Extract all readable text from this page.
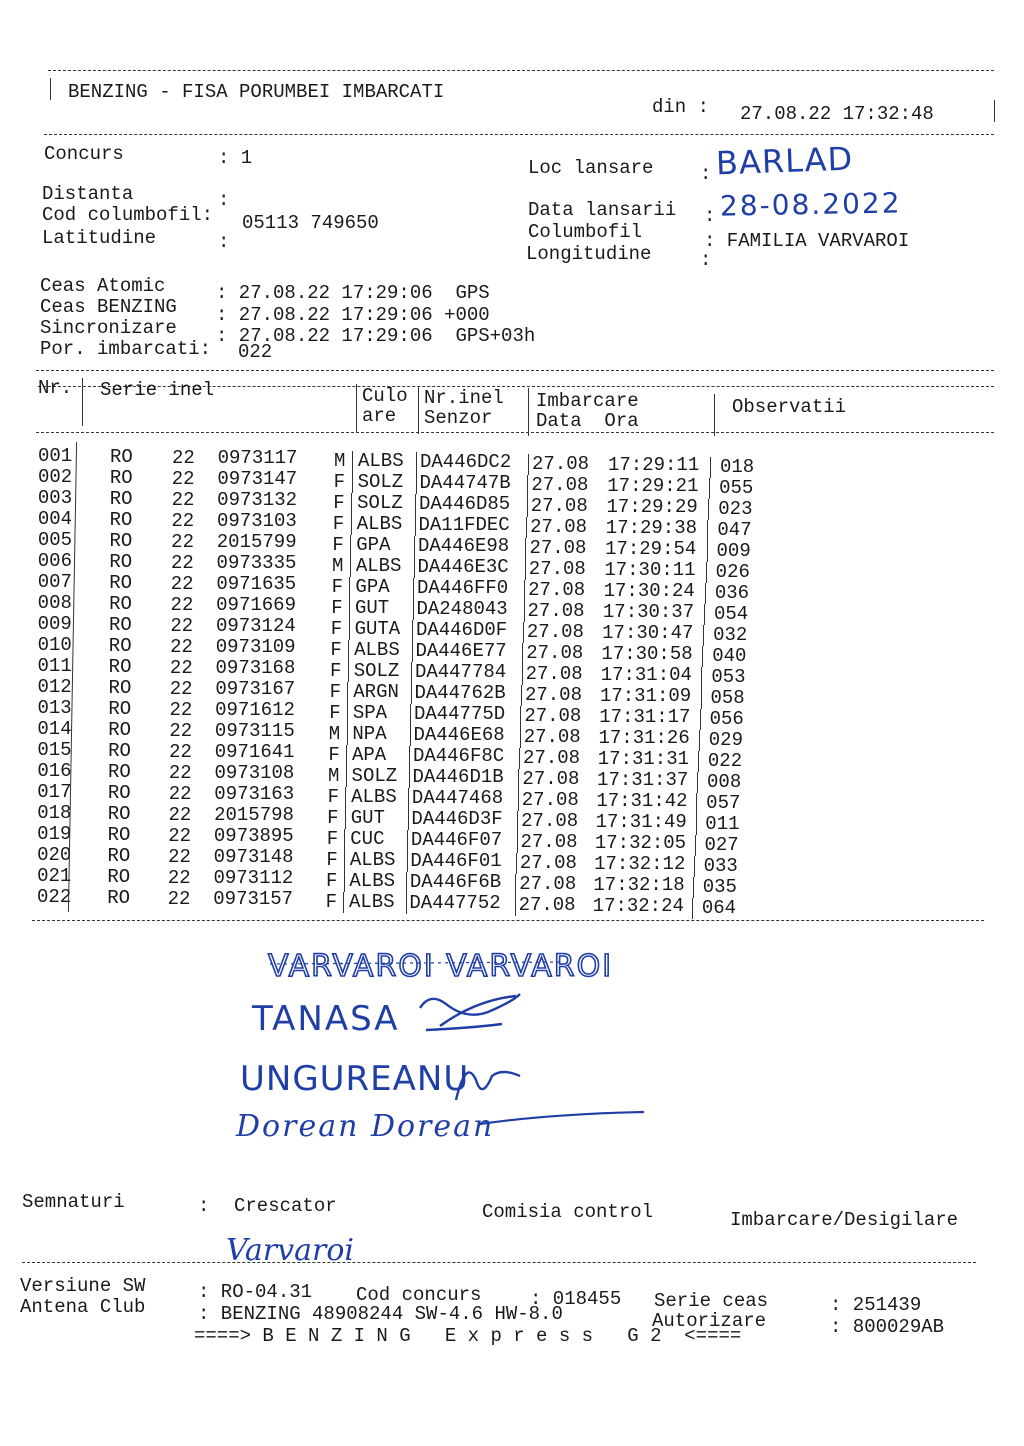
BENZING - FISA PORUMBEI IMBARCATI
din : 27.08.22 17:32:48
Concurs	: 1
Distanta	:
Cod columbofil: 05113 749650
Latitudine	:
Loc lansare : BARLAD
Data lansarii : 28-08.2022
Columbofil	: FAMILIA VARVAROI
Longitudine	:
Ceas Atomic	: 27.08.22 17:29:06  GPS
Ceas BENZING : 27.08.22 17:29:06 +000
Sincronizare : 27.08.22 17:29:06  GPS+03h
Por. imbarcati: 022
Nr. Serie inel	Culo
are
Nr.inel
Senzor
Imbarcare
Data  Ora
Observatii
001 RO 22  0973117 M ALBS DA446DC2 27.08 17:29:11 018
002 RO 22  0973147 F SOLZ DA44747B 27.08 17:29:21 055
003 RO 22  0973132 F SOLZ DA446D85 27.08 17:29:29 023
004 RO 22  0973103 F ALBS DA11FDEC 27.08 17:29:38 047
005 RO 22  2015799 F GPA DA446E98 27.08 17:29:54 009
006 RO 22  0973335 M ALBS DA446E3C 27.08 17:30:11 026
007 RO 22  0971635 F GPA DA446FF0 27.08 17:30:24 036
008 RO 22  0971669 F GUT DA248043 27.08 17:30:37 054
009 RO 22  0973124 F GUTA DA446D0F 27.08 17:30:47 032
010 RO 22  0973109 F ALBS DA446E77 27.08 17:30:58 040
011 RO 22  0973168 F SOLZ DA447784 27.08 17:31:04 053
012 RO 22  0973167 F ARGN DA44762B 27.08 17:31:09 058
013 RO 22  0971612 F SPA DA44775D 27.08 17:31:17 056
014 RO 22  0973115 M NPA DA446E68 27.08 17:31:26 029
015 RO 22  0971641 F APA DA446F8C 27.08 17:31:31 022
016 RO 22  0973108 M SOLZ DA446D1B 27.08 17:31:37 008
017 RO 22  0973163 F ALBS DA447468 27.08 17:31:42 057
018 RO 22  2015798 F GUT DA446D3F 27.08 17:31:49 011
019 RO 22  0973895 F CUC DA446F07 27.08 17:32:05 027
020 RO 22  0973148 F ALBS DA446F01 27.08 17:32:12 033
021 RO 22  0973112 F ALBS DA446F6B 27.08 17:32:18 035
022 RO 22  0973157 F ALBS DA447752 27.08 17:32:24 064
VARVAROI VARVAROI
TANASA
UNGUREANU
Dorean Dorean
Semnaturi	: Crescator	Comisia control	Imbarcare/Desigilare
Varvaroi
Versiune SW
Antena Club
: RO-04.31 Cod concurs	: 018455
: BENZING 48908244 SW-4.6 HW-8.0
Serie ceas	: 251439
Autorizare	: 800029AB
====> B E N Z I N G   E x p r e s s   G 2  <====
